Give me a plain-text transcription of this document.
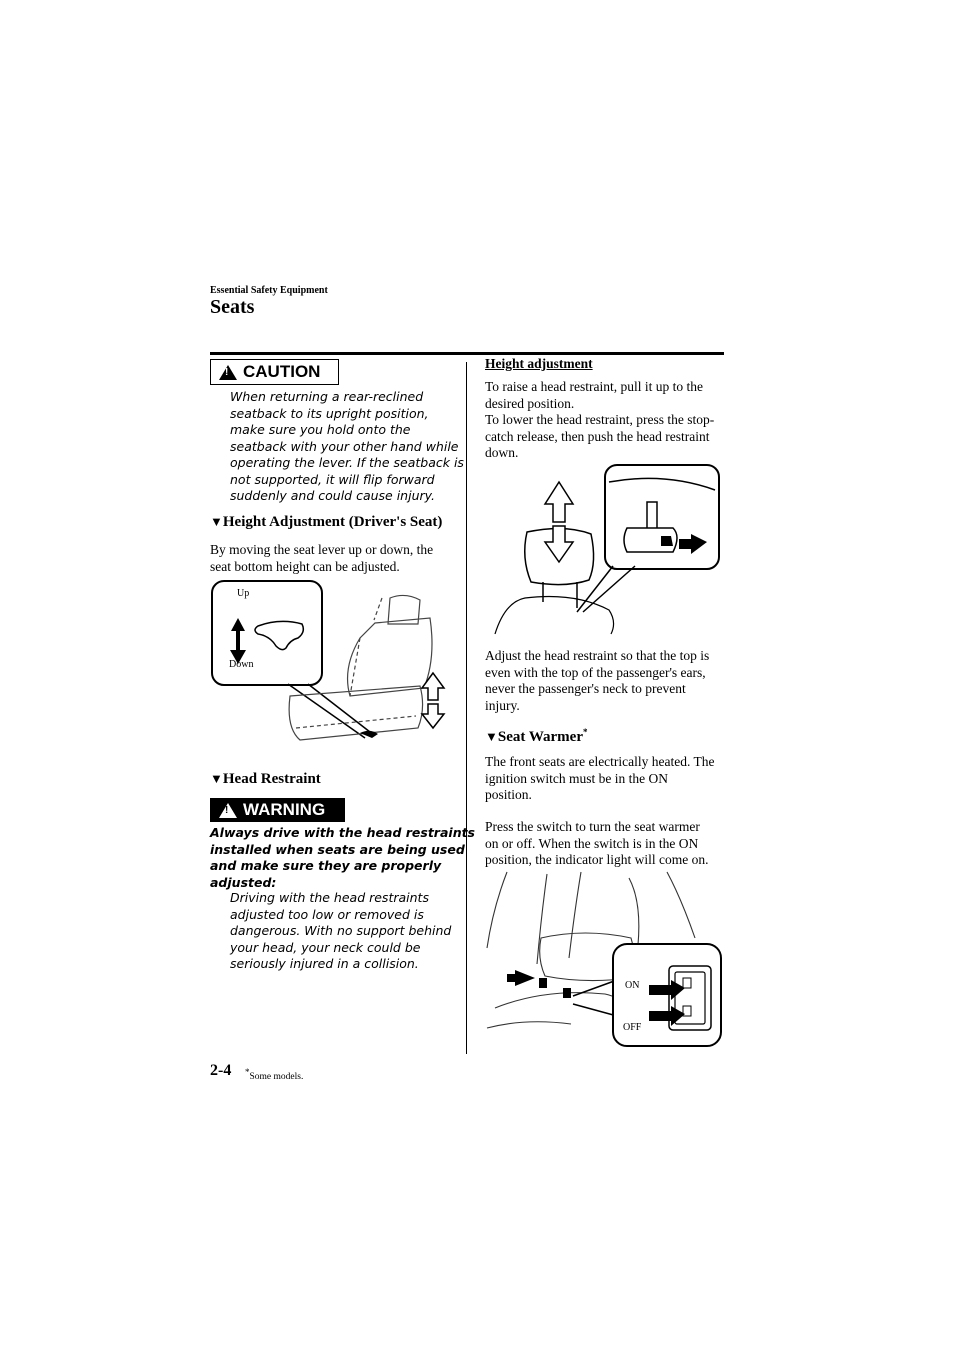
Essential Safety Equipment
Seats
!
CAUTION
When returning a rear-reclined
seatback to its upright position,
make sure you hold onto the
seatback with your other hand while
operating the lever. If the seatback is
not supported, it will flip forward
suddenly and could cause injury.
▼Height Adjustment (Driver's Seat)
By moving the seat lever up or down, the
seat bottom height can be adjusted.
Up
Down
▼Head Restraint
!
WARNING
Always drive with the head restraints
installed when seats are being used
and make sure they are properly
adjusted:
Driving with the head restraints
adjusted too low or removed is
dangerous. With no support behind
your head, your neck could be
seriously injured in a collision.
Height adjustment
To raise a head restraint, pull it up to the
desired position.
To lower the head restraint, press the stop-
catch release, then push the head restraint
down.
Adjust the head restraint so that the top is
even with the top of the passenger's ears,
never the passenger's neck to prevent
injury.
▼Seat Warmer*
The front seats are electrically heated. The
ignition switch must be in the ON
position.
Press the switch to turn the seat warmer
on or off. When the switch is in the ON
position, the indicator light will come on.
ON
OFF
2-4 *Some models.
